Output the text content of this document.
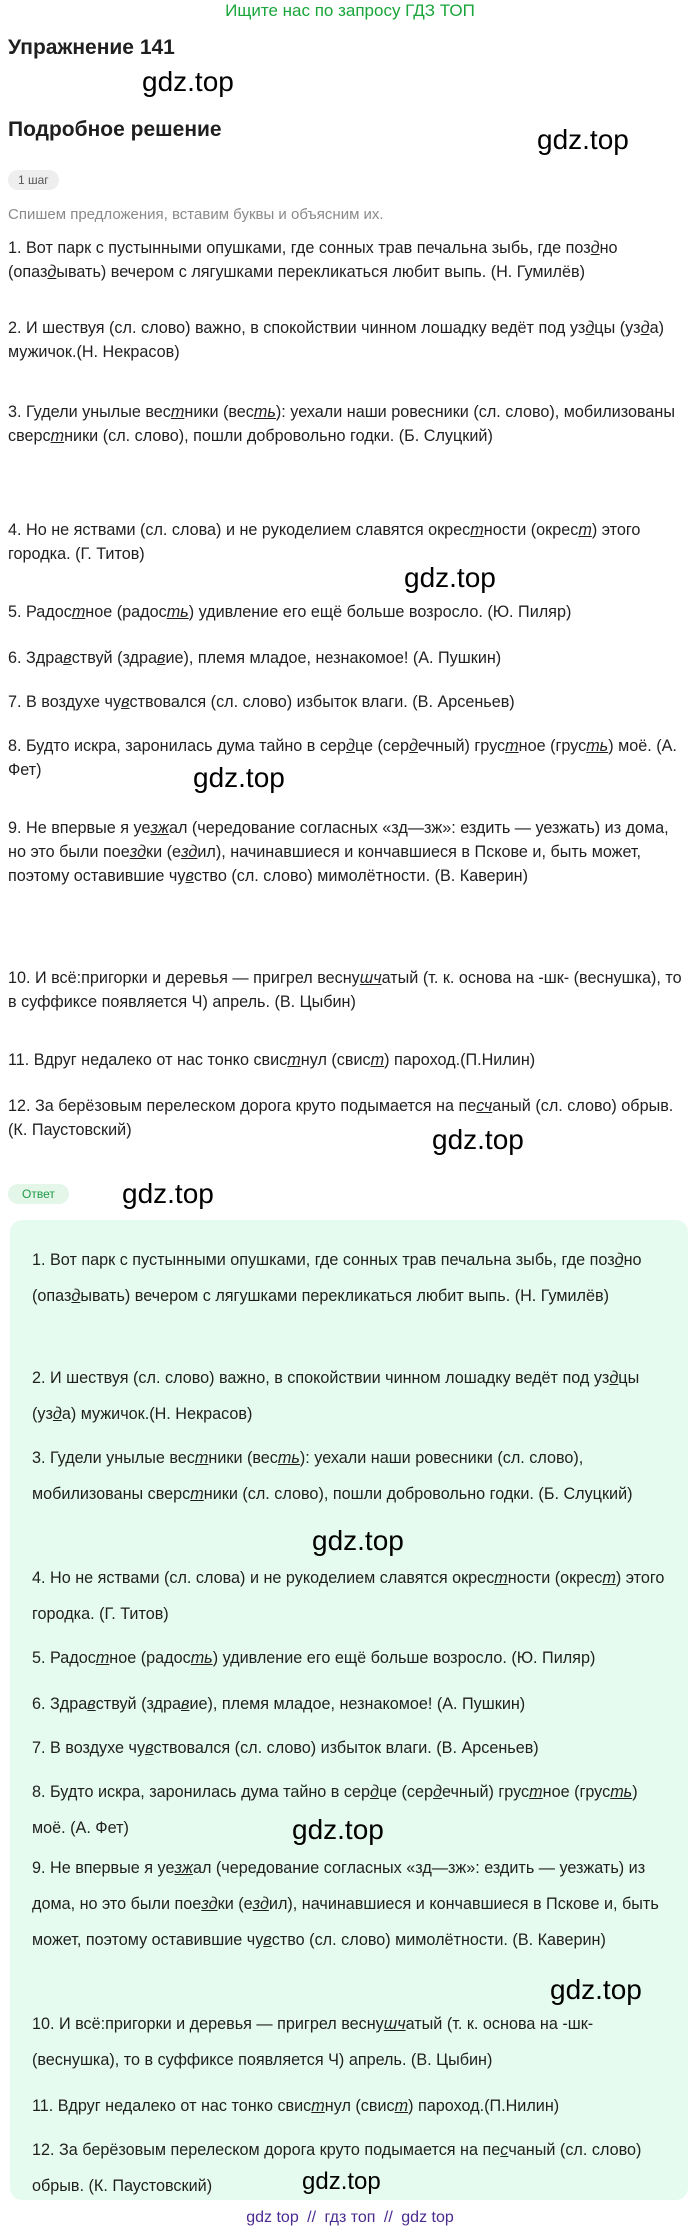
Ищите нас по запросу ГДЗ ТОП
Упражнение 141
gdz.top
Подробное решение	gdz.top
1 шаг
Спишем предложения, вставим буквы и объясним их.
1. Вот парк с пустынными опушками, где сонных трав печальна зыбь, где поздно (опаздывать) вечером с лягушками перекликаться любит выпь. (Н. Гумилёв)
2. И шествуя (сл. слово) важно, в спокойствии чинном лошадку ведёт под уздцы (узда) мужичок.(Н. Некрасов)
3. Гудели унылые вестники (весть): уехали наши ровесники (сл. слово), мобилизованы сверстники (сл. слово), пошли добровольно годки. (Б. Слуцкий)
4. Но не яствами (сл. слова) и не рукоделием славятся окрестности (окрест) этого городка. (Г. Титов)
gdz.top
5. Радостное (радость) удивление его ещё больше возросло. (Ю. Пиляр)
6. Здравствуй (здравие), племя младое, незнакомое! (А. Пушкин)
7. В воздухе чувствовался (сл. слово) избыток влаги. (В. Арсеньев)
8. Будто искра, заронилась дума тайно в сердце (сердечный) грустное (грусть) моё. (А. Фет)	gdz.top
9. Не впервые я уезжал (чередование согласных «зд—зж»: ездить — уезжать) из дома, но это были поездки (ездил), начинавшиеся и кончавшиеся в Пскове и, быть может, поэтому оставившие чувство (сл. слово) мимолётности. (В. Каверин)
10. И всё:пригорки и деревья — пригрел веснушчатый (т. к. основа на -шк- (веснушка), то в суффиксе появляется Ч) апрель. (В. Цыбин)
11. Вдруг недалеко от нас тонко свистнул (свист) пароход.(П.Нилин)
12. За берёзовым перелеском дорога круто подымается на песчаный (сл. слово) обрыв. (К. Паустовский)	gdz.top
Ответ	gdz.top
1. Вот парк с пустынными опушками, где сонных трав печальна зыбь, где поздно (опаздывать) вечером с лягушками перекликаться любит выпь. (Н. Гумилёв)
2. И шествуя (сл. слово) важно, в спокойствии чинном лошадку ведёт под уздцы (узда) мужичок.(Н. Некрасов)
3. Гудели унылые вестники (весть): уехали наши ровесники (сл. слово), мобилизованы сверстники (сл. слово), пошли добровольно годки. (Б. Слуцкий)
gdz.top
4. Но не яствами (сл. слова) и не рукоделием славятся окрестности (окрест) этого городка. (Г. Титов)
5. Радостное (радость) удивление его ещё больше возросло. (Ю. Пиляр)
6. Здравствуй (здравие), племя младое, незнакомое! (А. Пушкин)
7. В воздухе чувствовался (сл. слово) избыток влаги. (В. Арсеньев)
8. Будто искра, заронилась дума тайно в сердце (сердечный) грустное (грусть) моё. (А. Фет)	gdz.top
9. Не впервые я уезжал (чередование согласных «зд—зж»: ездить — уезжать) из дома, но это были поездки (ездил), начинавшиеся и кончавшиеся в Пскове и, быть может, поэтому оставившие чувство (сл. слово) мимолётности. (В. Каверин)
gdz.top
10. И всё:пригорки и деревья — пригрел веснушчатый (т. к. основа на -шк- (веснушка), то в суффиксе появляется Ч) апрель. (В. Цыбин)
11. Вдруг недалеко от нас тонко свистнул (свист) пароход.(П.Нилин)
12. За берёзовым перелеском дорога круто подымается на песчаный (сл. слово) обрыв. (К. Паустовский)	gdz.top
gdz top // гдз топ // gdz top
